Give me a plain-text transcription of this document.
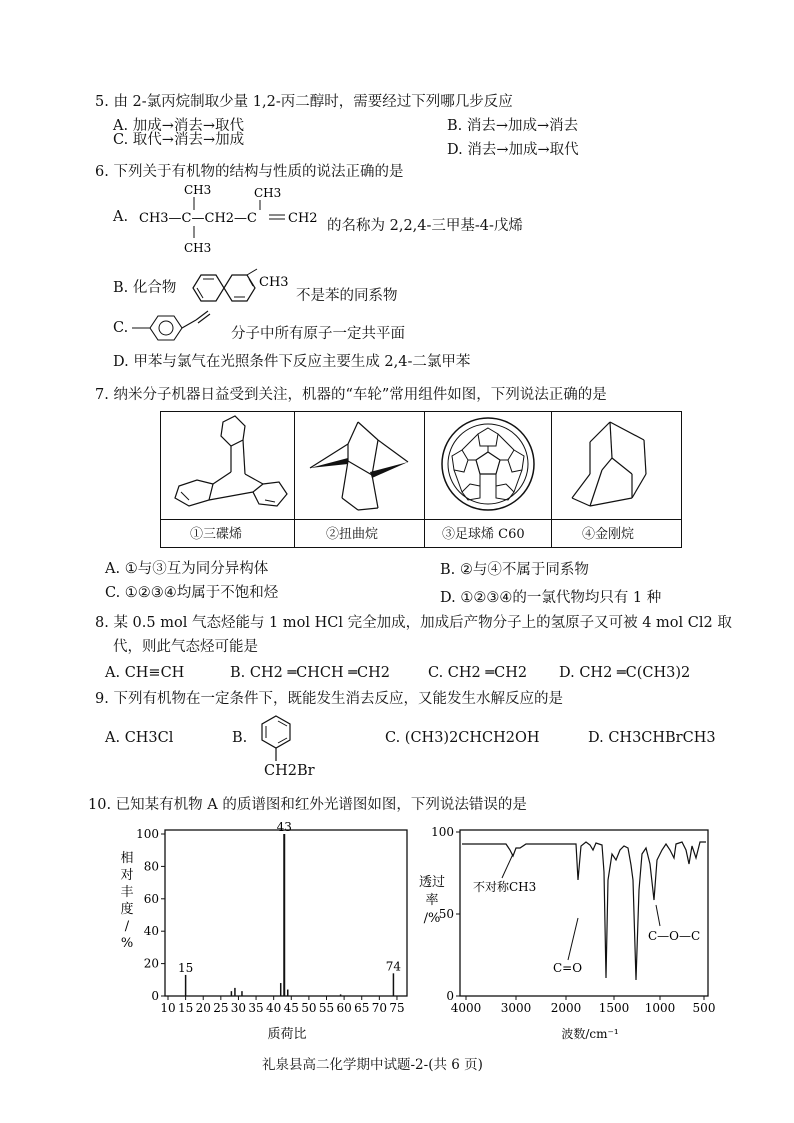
5. 由 2-氯丙烷制取少量 1,2-丙二醇时，需要经过下列哪几步反应
A. 加成→消去→取代	B. 消去→加成→消去
C. 取代→消去→加成
D. 消去→加成→取代
6. 下列关于有机物的结构与性质的说法正确的是
A.
CH3	CH3
CH3—C—CH2—C CH2
CH3
的名称为 2,2,4-三甲基-4-戊烯
B. 化合物	CH3
不是苯的同系物
C.	分子中所有原子一定共平面
D. 甲苯与氯气在光照条件下反应主要生成 2,4-二氯甲苯
7. 纳米分子机器日益受到关注，机器的“车轮”常用组件如图，下列说法正确的是
①三碟烯	②扭曲烷	③足球烯 C60	④金刚烷
A. ①与③互为同分异构体
C. ①②③④均属于不饱和烃
B. ②与④不属于同系物
D. ①②③④的一氯代物均只有 1 种
8. 某 0.5 mol 气态烃能与 1 mol HCl 完全加成，加成后产物分子上的氢原子又可被 4 mol Cl2 取
代，则此气态烃可能是
A. CH≡CH	B. CH2 ═CHCH ═CH2	C. CH2 ═CH2 D. CH2 ═C(CH3)2
9. 下列有机物在一定条件下，既能发生消去反应，又能发生水解反应的是
A. CH3Cl	B.
CH2Br
C. (CH3)2CHCH2OH	D. CH3CHBrCH3
10. 已知某有机物 A 的质谱图和红外光谱图如图，下列说法错误的是
相
对
丰
度
/
%
0
20
40
60
80
100
10 15 20 25 30 35 40 45 50 55 60 65 70 75
15
43
74
质荷比
透过
率
/%
0
50
100
4000 3000 2000 1500 1000 500
不对称CH3
C=O
C—O—C
波数/cm⁻¹
礼泉县高二化学期中试题-2-(共 6 页)
